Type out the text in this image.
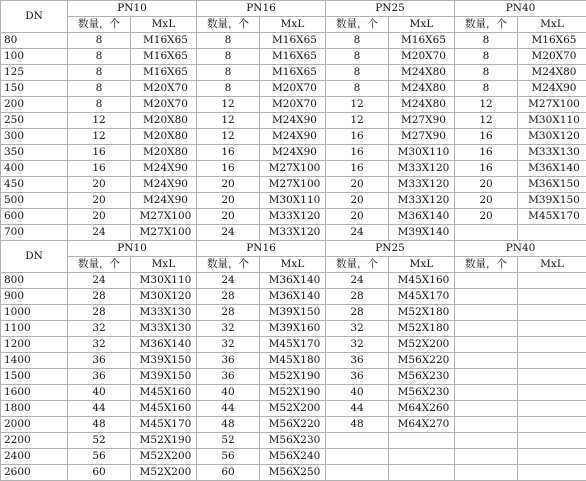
DN	PN10		PN16		PN25		PN40	
	数量，个	MxL	数量，个	MxL	数量，个	MxL	数量，个	MxL
80	8	M16X65	8	M16X65	8	M16X65	8	M16X65
100	8	M16X65	8	M16X65	8	M20X70	8	M20X70
125	8	M16X65	8	M16X65	8	M24X80	8	M24X80
150	8	M20X70	8	M20X70	8	M24X80	8	M24X90
200	8	M20X70	12	M20X70	12	M24X80	12	M27X100
250	12	M20X80	12	M24X90	12	M27X90	12	M30X110
300	12	M20X80	12	M24X90	16	M27X90	16	M30X120
350	16	M20X80	16	M24X90	16	M30X110	16	M33X130
400	16	M24X90	16	M27X100	16	M33X120	16	M36X140
450	20	M24X90	20	M27X100	20	M33X120	20	M36X150
500	20	M24X90	20	M30X110	20	M33X120	20	M39X150
600	20	M27X100	20	M33X120	20	M36X140	20	M45X170
700	24	M27X100	24	M33X120	24	M39X140		
DN	PN10		PN16		PN25		PN40	
	数量，个	MxL	数量，个	MxL	数量，个	MxL	数量，个	MxL
800	24	M30X110	24	M36X140	24	M45X160		
900	28	M30X120	28	M36X140	28	M45X170		
1000	28	M33X130	28	M39X150	28	M52X180		
1100	32	M33X130	32	M39X160	32	M52X180		
1200	32	M36X140	32	M45X170	32	M52X200		
1400	36	M39X150	36	M45X180	36	M56X220		
1500	36	M39X150	36	M52X190	36	M56X230		
1600	40	M45X160	40	M52X190	40	M56X230		
1800	44	M45X160	44	M52X200	44	M64X260		
2000	48	M45X170	48	M56X220	48	M64X270		
2200	52	M52X190	52	M56X230				
2400	56	M52X200	56	M56X240				
2600	60	M52X200	60	M56X250				
